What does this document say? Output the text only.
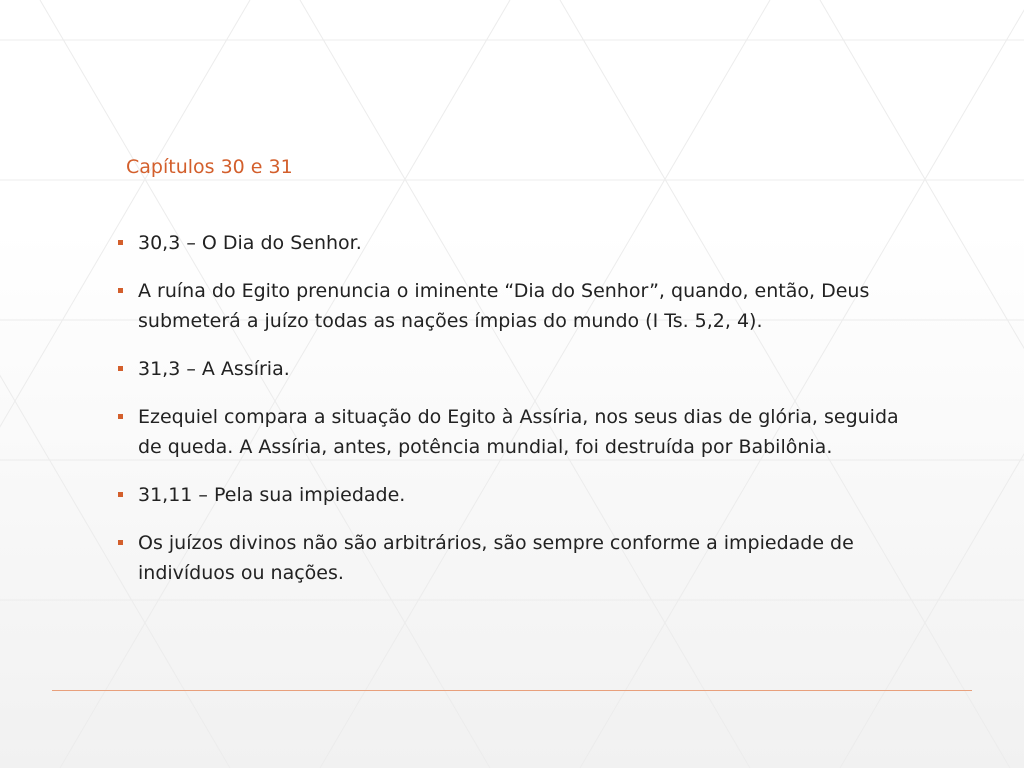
Capítulos 30 e 31
30,3 – O Dia do Senhor.
A ruína do Egito prenuncia o iminente “Dia do Senhor”, quando, então, Deus submeterá a juízo todas as nações ímpias do mundo (I Ts. 5,2, 4).
31,3 – A Assíria.
Ezequiel compara a situação do Egito à Assíria, nos seus dias de glória, seguida de queda. A Assíria, antes, potência mundial, foi destruída por Babilônia.
31,11 – Pela sua impiedade.
Os juízos divinos não são arbitrários, são sempre conforme a impiedade de indivíduos ou nações.
